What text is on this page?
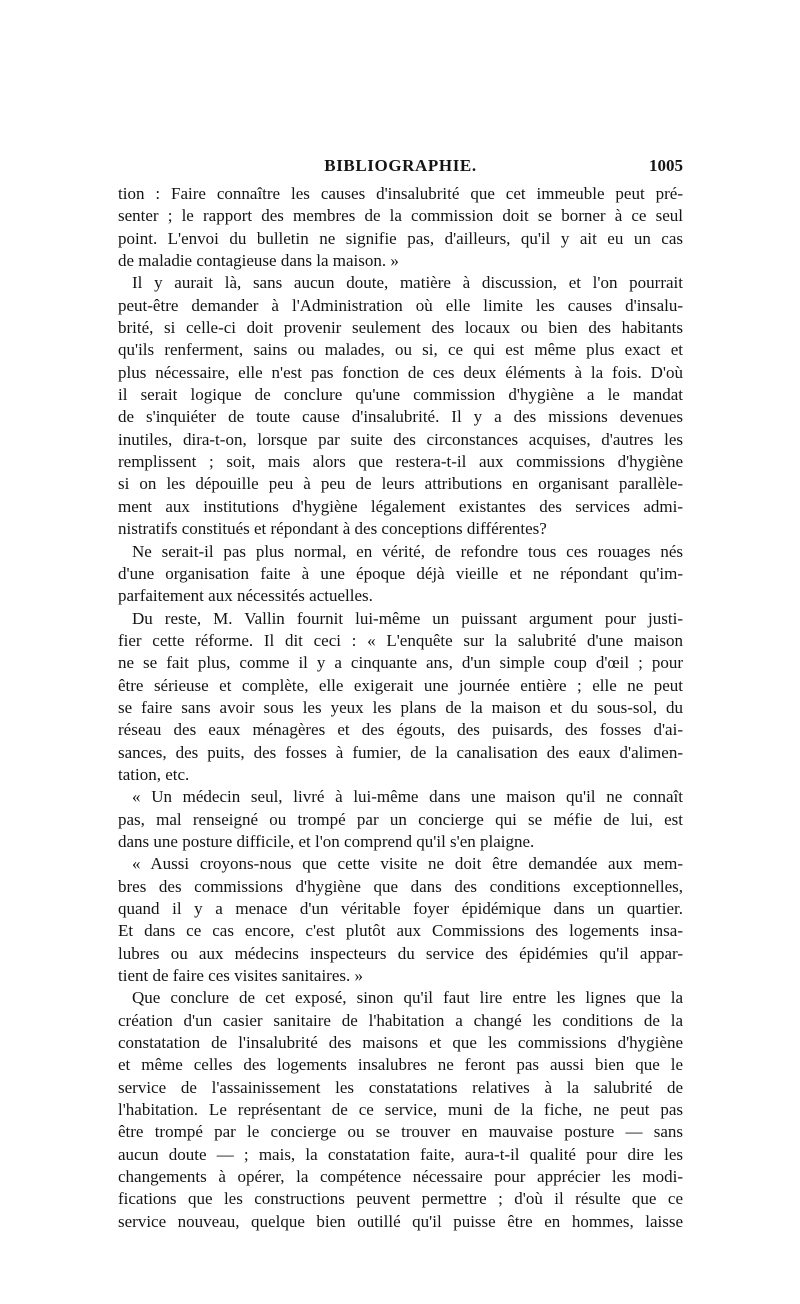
BIBLIOGRAPHIE.	1005
tion : Faire connaître les causes d'insalubrité que cet immeuble peut pré-
senter ; le rapport des membres de la commission doit se borner à ce seul
point. L'envoi du bulletin ne signifie pas, d'ailleurs, qu'il y ait eu un cas
de maladie contagieuse dans la maison. »
Il y aurait là, sans aucun doute, matière à discussion, et l'on pourrait
peut-être demander à l'Administration où elle limite les causes d'insalu-
brité, si celle-ci doit provenir seulement des locaux ou bien des habitants
qu'ils renferment, sains ou malades, ou si, ce qui est même plus exact et
plus nécessaire, elle n'est pas fonction de ces deux éléments à la fois. D'où
il serait logique de conclure qu'une commission d'hygiène a le mandat
de s'inquiéter de toute cause d'insalubrité. Il y a des missions devenues
inutiles, dira-t-on, lorsque par suite des circonstances acquises, d'autres les
remplissent ; soit, mais alors que restera-t-il aux commissions d'hygiène
si on les dépouille peu à peu de leurs attributions en organisant parallèle-
ment aux institutions d'hygiène légalement existantes des services admi-
nistratifs constitués et répondant à des conceptions différentes?
Ne serait-il pas plus normal, en vérité, de refondre tous ces rouages nés
d'une organisation faite à une époque déjà vieille et ne répondant qu'im-
parfaitement aux nécessités actuelles.
Du reste, M. Vallin fournit lui-même un puissant argument pour justi-
fier cette réforme. Il dit ceci : « L'enquête sur la salubrité d'une maison
ne se fait plus, comme il y a cinquante ans, d'un simple coup d'œil ; pour
être sérieuse et complète, elle exigerait une journée entière ; elle ne peut
se faire sans avoir sous les yeux les plans de la maison et du sous-sol, du
réseau des eaux ménagères et des égouts, des puisards, des fosses d'ai-
sances, des puits, des fosses à fumier, de la canalisation des eaux d'alimen-
tation, etc.
« Un médecin seul, livré à lui-même dans une maison qu'il ne connaît
pas, mal renseigné ou trompé par un concierge qui se méfie de lui, est
dans une posture difficile, et l'on comprend qu'il s'en plaigne.
« Aussi croyons-nous que cette visite ne doit être demandée aux mem-
bres des commissions d'hygiène que dans des conditions exceptionnelles,
quand il y a menace d'un véritable foyer épidémique dans un quartier.
Et dans ce cas encore, c'est plutôt aux Commissions des logements insa-
lubres ou aux médecins inspecteurs du service des épidémies qu'il appar-
tient de faire ces visites sanitaires. »
Que conclure de cet exposé, sinon qu'il faut lire entre les lignes que la
création d'un casier sanitaire de l'habitation a changé les conditions de la
constatation de l'insalubrité des maisons et que les commissions d'hygiène
et même celles des logements insalubres ne feront pas aussi bien que le
service de l'assainissement les constatations relatives à la salubrité de
l'habitation. Le représentant de ce service, muni de la fiche, ne peut pas
être trompé par le concierge ou se trouver en mauvaise posture — sans
aucun doute — ; mais, la constatation faite, aura-t-il qualité pour dire les
changements à opérer, la compétence nécessaire pour apprécier les modi-
fications que les constructions peuvent permettre ; d'où il résulte que ce
service nouveau, quelque bien outillé qu'il puisse être en hommes, laisse
